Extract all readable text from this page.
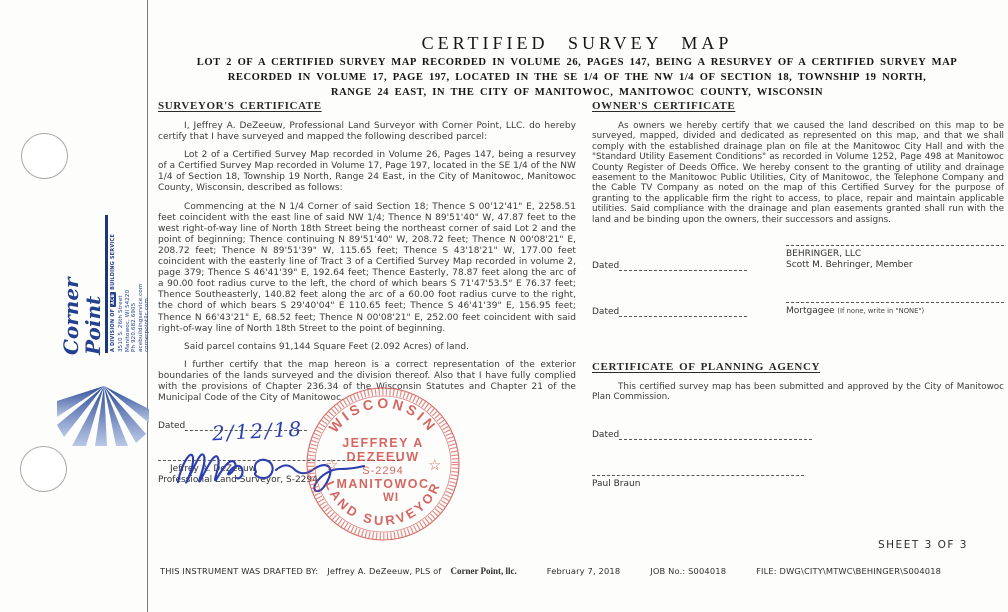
CERTIFIED SURVEY MAP
LOT 2 OF A CERTIFIED SURVEY MAP RECORDED IN VOLUME 26, PAGES 147, BEING A RESURVEY OF A CERTIFIED SURVEY MAP
RECORDED IN VOLUME 17, PAGE 197, LOCATED IN THE SE 1/4 OF THE NW 1/4 OF SECTION 18, TOWNSHIP 19 NORTH,
RANGE 24 EAST, IN THE CITY OF MANITOWOC, MANITOWOC COUNTY, WISCONSIN
SURVEYOR'S CERTIFICATE

I, Jeffrey A. DeZeeuw, Professional Land Surveyor with Corner Point, LLC. do hereby certify that I have surveyed and mapped the following described parcel:

Lot 2 of a Certified Survey Map recorded in Volume 26, Pages 147, being a resurvey of a Certified Survey Map recorded in Volume 17, Page 197, located in the SE 1/4 of the NW 1/4 of Section 18, Township 19 North, Range 24 East, in the City of Manitowoc, Manitowoc County, Wisconsin, described as follows:

Commencing at the N 1/4 Corner of said Section 18; Thence S 00'12'41" E, 2258.51 feet coincident with the east line of said NW 1/4; Thence N 89'51'40" W, 47.87 feet to the west right-of-way line of North 18th Street being the northeast corner of said Lot 2 and the point of beginning; Thence continuing N 89'51'40" W, 208.72 feet; Thence N 00'08'21" E, 208.72 feet; Thence N 89'51'39" W, 115.65 feet; Thence S 43'18'21" W, 177.00 feet coincident with the easterly line of Tract 3 of a Certified Survey Map recorded in volume 2, page 379; Thence S 46'41'39" E, 192.64 feet; Thence Easterly, 78.87 feet along the arc of a 90.00 foot radius curve to the left, the chord of which bears S 71'47'53.5" E 76.37 feet; Thence Southeasterly, 140.82 feet along the arc of a 60.00 foot radius curve to the right, the chord of which bears S 29'40'04" E 110.65 feet; Thence S 46'41'39" E, 156.95 feet; Thence N 66'43'21" E, 68.52 feet; Thence N 00'08'21" E, 252.00 feet coincident with said right-of-way line of North 18th Street to the point of beginning.

Said parcel contains 91,144 Square Feet (2.092 Acres) of land.

I further certify that the map hereon is a correct representation of the exterior boundaries of the lands surveyed and the division thereof. Also that I have fully complied with the provisions of Chapter 236.34 of the Wisconsin Statutes and Chapter 21 of the Municipal Code of the City of Manitowoc.

Dated
Jeffrey A. DeZeeuw
Professional Land Surveyor, S-2294
OWNER'S CERTIFICATE

As owners we hereby certify that we caused the land described on this map to be surveyed, mapped, divided and dedicated as represented on this map, and that we shall comply with the established drainage plan on file at the Manitowoc City Hall and with the "Standard Utility Easement Conditions" as recorded in Volume 1252, Page 498 at Manitowoc County Register of Deeds Office. We hereby consent to the granting of utility and drainage easement to the Manitowoc Public Utilities, City of Manitowoc, the Telephone Company and the Cable TV Company as noted on the map of this Certified Survey for the purpose of granting to the applicable firm the right to access, to place, repair and maintain applicable utilities. Said compliance with the drainage and plan easements granted shall run with the land and be binding upon the owners, their successors and assigns.

Dated
BEHRINGER, LLC
Scott M. Behringer, Member
Dated	Mortgagee (If none, write in "NONE")
CERTIFICATE OF PLANNING AGENCY

This certified survey map has been submitted and approved by the City of Manitowoc Plan Commission.

Dated
Paul Braun
2/12/18 WISCONSIN
LAND SURVEYOR
☆	☆
JEFFREY A
DEZEEUW
S-2294
MANITOWOC
WI
Corner Point A DIVISION OF
ACB
BUILDING SERVICE
3510 S. 26th Street Manitowoc, WI 54220 Ph 920.682.6905 acebuildingservice.com cornerpointllc.com
SHEET 3 OF 3
THIS INSTRUMENT WAS DRAFTED BY: Jeffrey A. DeZeeuw, PLS of Corner Point, llc.	February 7, 2018	JOB No.: S004018	FILE: DWG\CITY\MTWC\BEHINGER\S004018
